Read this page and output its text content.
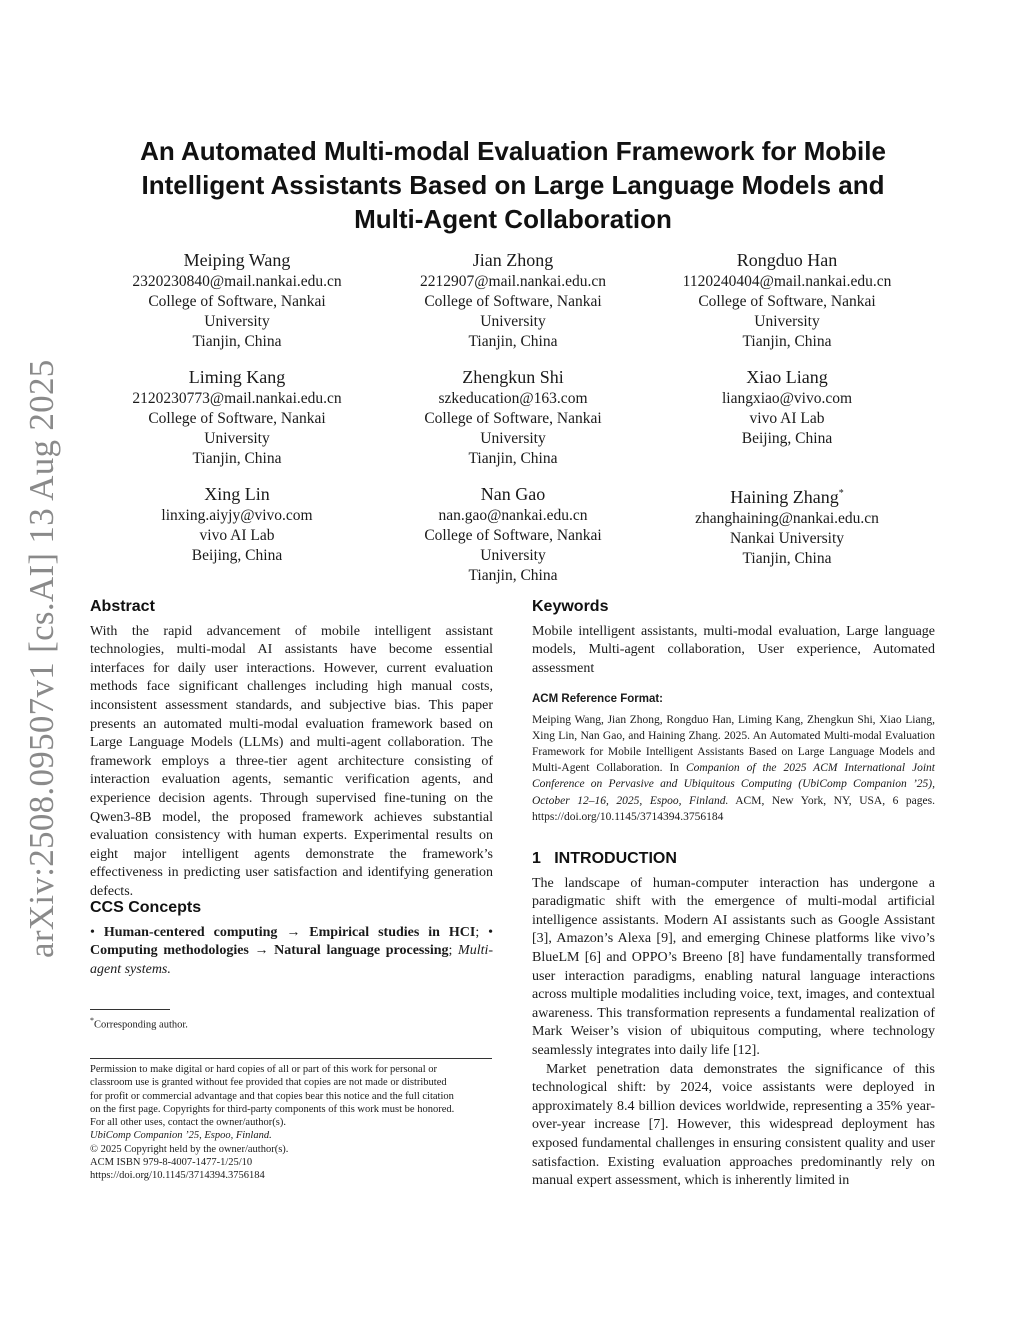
arXiv:2508.09507v1 [cs.AI] 13 Aug 2025
An Automated Multi-modal Evaluation Framework for Mobile
Intelligent Assistants Based on Large Language Models and
Multi-Agent Collaboration
Meiping Wang
2320230840@mail.nankai.edu.cn
College of Software, Nankai
University
Tianjin, China
Jian Zhong
2212907@mail.nankai.edu.cn
College of Software, Nankai
University
Tianjin, China
Rongduo Han
1120240404@mail.nankai.edu.cn
College of Software, Nankai
University
Tianjin, China
Liming Kang
2120230773@mail.nankai.edu.cn
College of Software, Nankai
University
Tianjin, China
Zhengkun Shi
szkeducation@163.com
College of Software, Nankai
University
Tianjin, China
Xiao Liang
liangxiao@vivo.com
vivo AI Lab
Beijing, China
Xing Lin
linxing.aiyjy@vivo.com
vivo AI Lab
Beijing, China
Nan Gao
nan.gao@nankai.edu.cn
College of Software, Nankai
University
Tianjin, China
Haining Zhang*
zhanghaining@nankai.edu.cn
Nankai University
Tianjin, China
Abstract

With the rapid advancement of mobile intelligent assistant technologies, multi-modal AI assistants have become essential interfaces for daily user interactions. However, current evaluation methods face significant challenges including high manual costs, inconsistent assessment standards, and subjective bias. This paper presents an automated multi-modal evaluation framework based on Large Language Models (LLMs) and multi-agent collaboration. The framework employs a three-tier agent architecture consisting of interaction evaluation agents, semantic verification agents, and experience decision agents. Through supervised fine-tuning on the Qwen3-8B model, the proposed framework achieves substantial evaluation consistency with human experts. Experimental results on eight major intelligent agents demonstrate the framework’s effectiveness in predicting user satisfaction and identifying generation defects.

CCS Concepts
• Human-centered computing → Empirical studies in HCI; • Computing methodologies → Natural language processing; Multi-agent systems.
*Corresponding author.
Permission to make digital or hard copies of all or part of this work for personal or
classroom use is granted without fee provided that copies are not made or distributed
for profit or commercial advantage and that copies bear this notice and the full citation
on the first page. Copyrights for third-party components of this work must be honored.
For all other uses, contact the owner/author(s).
UbiComp Companion ’25, Espoo, Finland.
© 2025 Copyright held by the owner/author(s).
ACM ISBN 979-8-4007-1477-1/25/10
https://doi.org/10.1145/3714394.3756184
Keywords

Mobile intelligent assistants, multi-modal evaluation, Large language models, Multi-agent collaboration, User experience, Automated assessment

ACM Reference Format:
Meiping Wang, Jian Zhong, Rongduo Han, Liming Kang, Zhengkun Shi, Xiao Liang, Xing Lin, Nan Gao, and Haining Zhang. 2025. An Automated Multi-modal Evaluation Framework for Mobile Intelligent Assistants Based on Large Language Models and Multi-Agent Collaboration. In Companion of the 2025 ACM International Joint Conference on Pervasive and Ubiquitous Computing (UbiComp Companion ’25), October 12–16, 2025, Espoo, Finland. ACM, New York, NY, USA, 6 pages. https://doi.org/10.1145/3714394.3756184
1   INTRODUCTION

The landscape of human-computer interaction has undergone a paradigmatic shift with the emergence of multi-modal artificial intelligence assistants. Modern AI assistants such as Google Assistant [3], Amazon’s Alexa [9], and emerging Chinese platforms like vivo’s BlueLM [6] and OPPO’s Breeno [8] have fundamentally transformed user interaction paradigms, enabling natural language interactions across multiple modalities including voice, text, images, and contextual awareness. This transformation represents a fundamental realization of Mark Weiser’s vision of ubiquitous computing, where technology seamlessly integrates into daily life [12].

Market penetration data demonstrates the significance of this technological shift: by 2024, voice assistants were deployed in approximately 8.4 billion devices worldwide, representing a 35% year-over-year increase [7]. However, this widespread deployment has exposed fundamental challenges in ensuring consistent quality and user satisfaction. Existing evaluation approaches predominantly rely on manual expert assessment, which is inherently limited in
